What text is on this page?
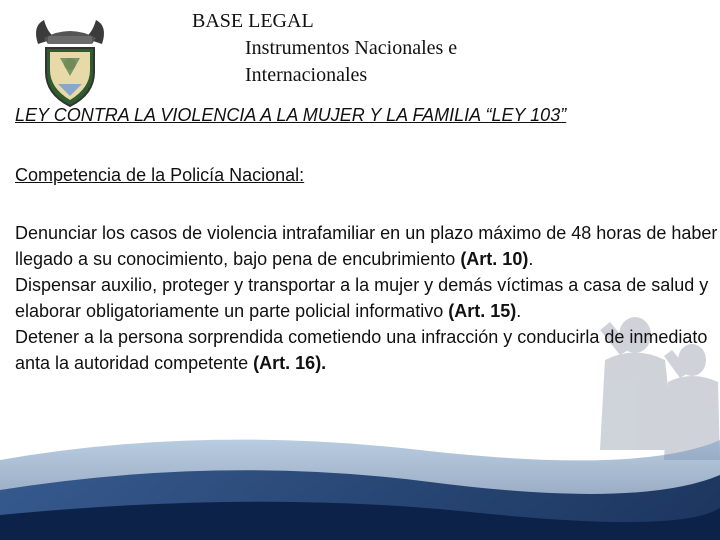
BASE LEGAL
Instrumentos Nacionales e
Internacionales
LEY CONTRA LA VIOLENCIA A LA MUJER Y LA FAMILIA “LEY 103”
Competencia de la Policía Nacional:
Denunciar los casos de violencia intrafamiliar en un plazo máximo de 48 horas de haber llegado a su conocimiento, bajo pena de encubrimiento (Art. 10).
Dispensar auxilio, proteger y transportar a la mujer y demás víctimas a casa de salud y elaborar obligatoriamente un parte policial informativo (Art. 15).
Detener a la persona sorprendida cometiendo una infracción y conducirla de inmediato anta la autoridad competente (Art. 16).
